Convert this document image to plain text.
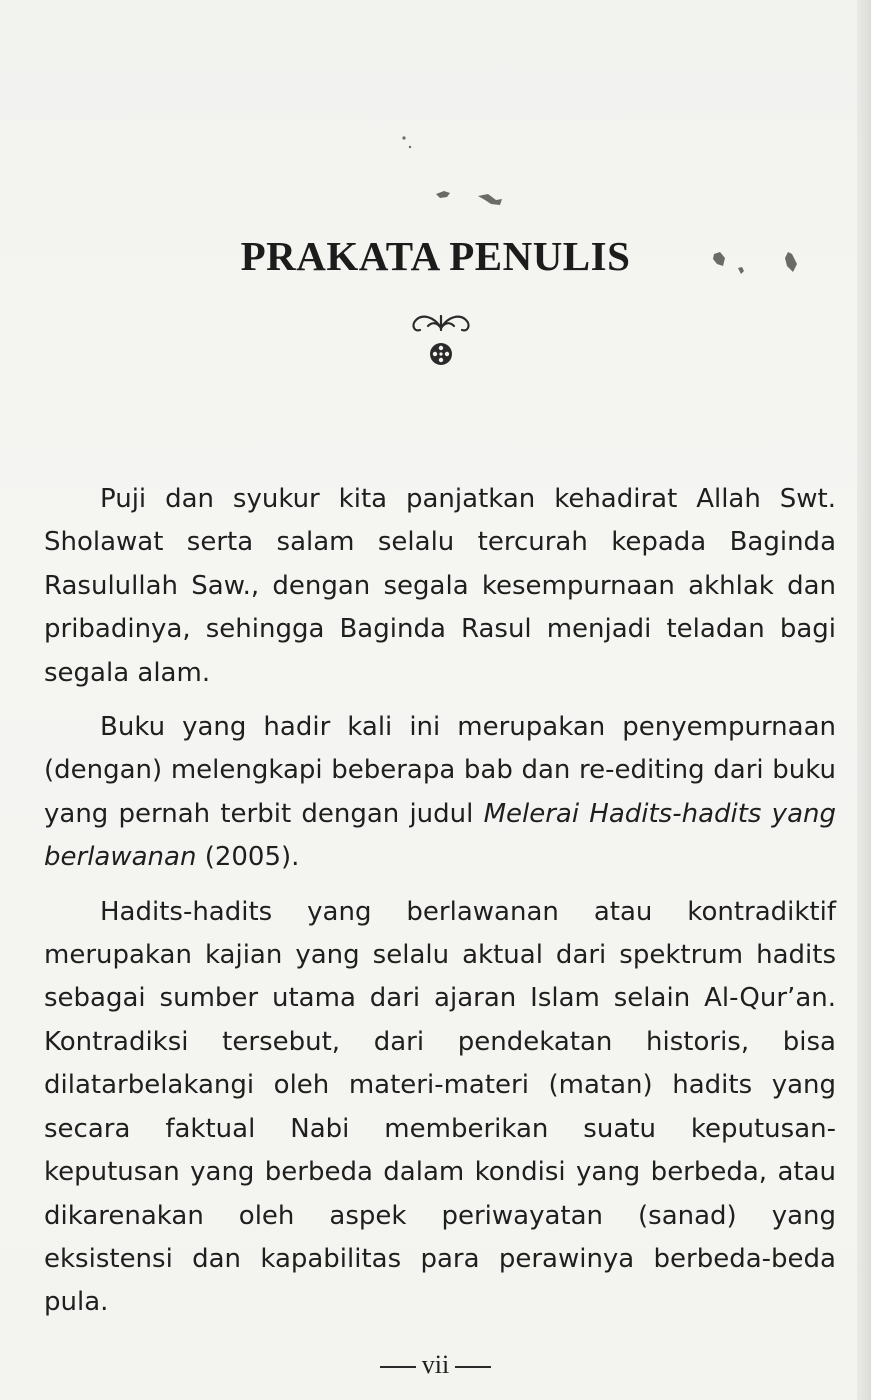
PRAKATA PENULIS

Puji dan syukur kita panjatkan kehadirat Allah Swt. Sholawat serta salam selalu tercurah kepada Baginda Rasulullah Saw., dengan segala kesempurnaan akhlak dan pribadinya, sehingga Baginda Rasul menjadi teladan bagi segala alam.

Buku yang hadir kali ini merupakan penyempurnaan (dengan) melengkapi beberapa bab dan re-editing dari buku yang pernah terbit dengan judul Melerai Hadits-hadits yang berlawanan (2005).

Hadits-hadits yang berlawanan atau kontradiktif merupakan kajian yang selalu aktual dari spektrum hadits sebagai sumber utama dari ajaran Islam selain Al-Qur’an. Kontradiksi tersebut, dari pendekatan historis, bisa dilatarbelakangi oleh materi-materi (matan) hadits yang secara faktual Nabi memberikan suatu keputusan-keputusan yang berbeda dalam kondisi yang berbeda, atau dikarenakan oleh aspek periwayatan (sanad) yang eksistensi dan kapabilitas para perawinya berbeda-beda pula.

vii
